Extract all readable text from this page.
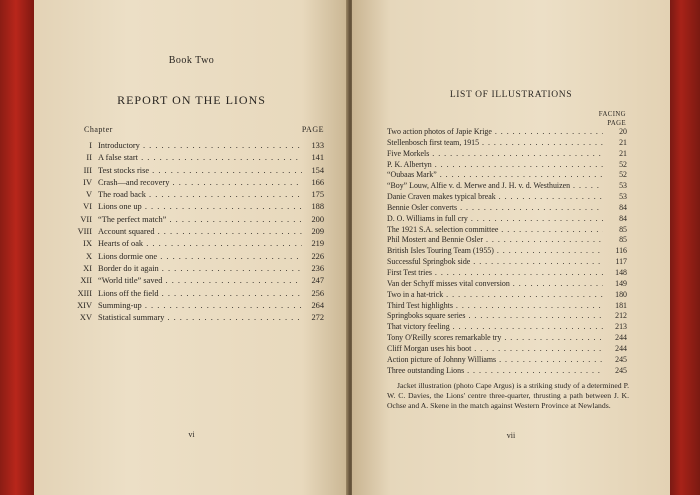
Book Two
REPORT ON THE LIONS
Chapter	PAGE
I Introductory . . .	133
II A false start . . .	141
III Test stocks rise . . .	154
IV Crash—and recovery . . .	166
V The road back . . .	175
VI Lions one up . . .	188
VII “The perfect match” . . .	200
VIII Account squared . . .	209
IX Hearts of oak . . .	219
X Lions dormie one . . .	226
XI Border do it again . . .	236
XII “World title” saved . . .	247
XIII Lions off the field . . .	256
XIV Summing-up . . .	264
XV Statistical summary . . .	272
vi
LIST OF ILLUSTRATIONS
FACING
PAGE
Two action photos of Japie Krige . . .	20
Stellenbosch first team, 1915 . . .	21
Five Morkels . . .	21
P. K. Albertyn . . .	52
“Oubaas Mark” . . .	52
“Boy” Louw, Alfie v. d. Merwe and J. H. v. d. Westhuizen . . .	53
Danie Craven makes typical break . . .	53
Bennie Osler converts . . .	84
D. O. Williams in full cry . . .	84
The 1921 S.A. selection committee . . .	85
Phil Mostert and Bennie Osler . . .	85
British Isles Touring Team (1955) . . .	116
Successful Springbok side . . .	117
First Test tries . . .	148
Van der Schyff misses vital conversion . . .	149
Two in a hat-trick . . .	180
Third Test highlights . . .	181
Springboks square series . . .	212
That victory feeling . . .	213
Tony O'Reilly scores remarkable try . . .	244
Cliff Morgan uses his boot . . .	244
Action picture of Johnny Williams . . .	245
Three outstanding Lions . . .	245

Jacket illustration (photo Cape Argus) is a striking study of a determined P. W. C. Davies, the Lions' centre three-quarter, thrusting a path between J. K. Ochse and A. Skene in the match against Western Province at Newlands.

vii
